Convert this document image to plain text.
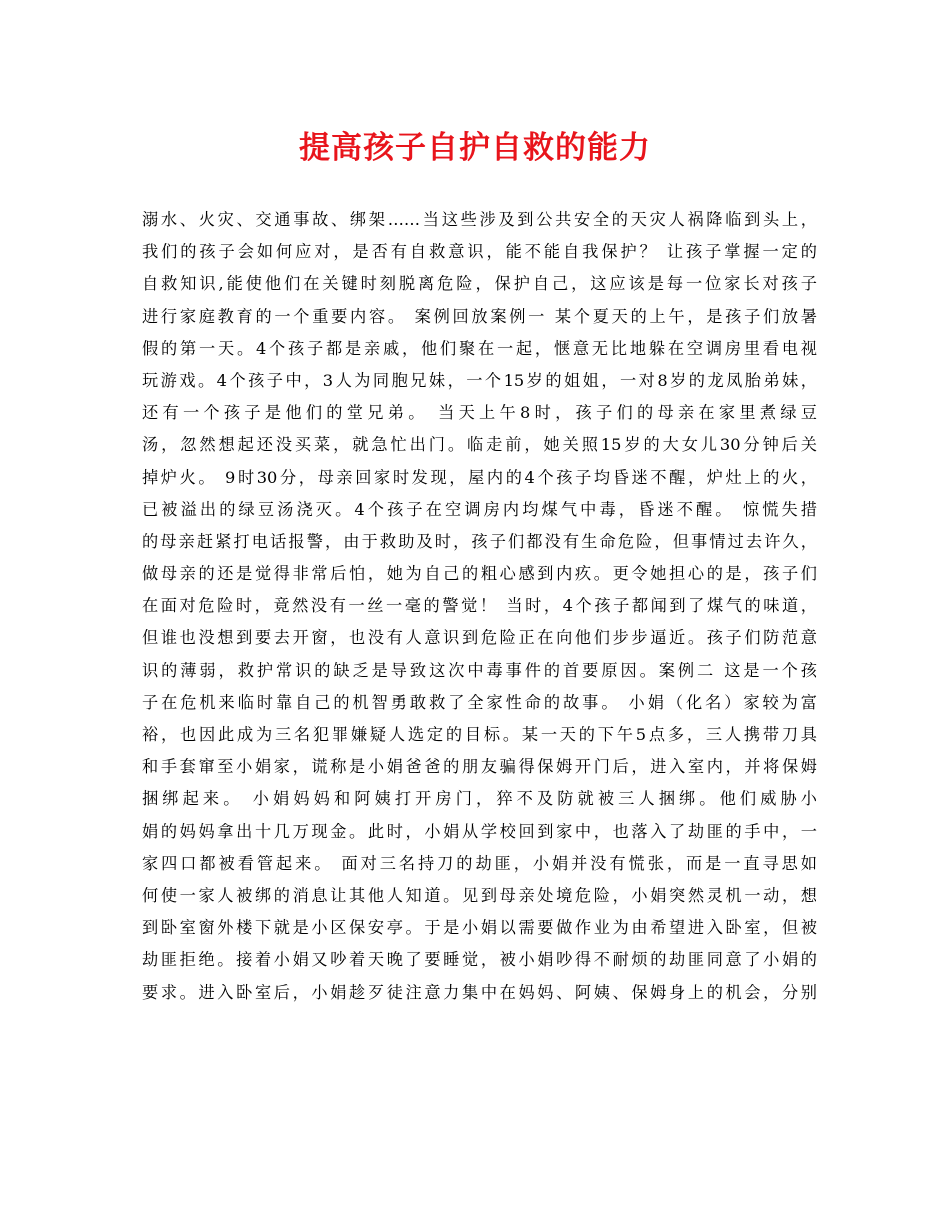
提高孩子自护自救的能力
溺水、火灾、交通事故、绑架……当这些涉及到公共安全的天灾人祸降临到头上，
我们的孩子会如何应对，是否有自救意识，能不能自我保护？ 让孩子掌握一定的
自救知识,能使他们在关键时刻脱离危险，保护自己，这应该是每一位家长对孩子
进行家庭教育的一个重要内容。 案例回放案例一 某个夏天的上午，是孩子们放暑
假的第一天。4个孩子都是亲戚，他们聚在一起，惬意无比地躲在空调房里看电视
玩游戏。4个孩子中，3人为同胞兄妹，一个15岁的姐姐，一对8岁的龙凤胎弟妹，
还有一个孩子是他们的堂兄弟。 当天上午8时，孩子们的母亲在家里煮绿豆
汤，忽然想起还没买菜，就急忙出门。临走前，她关照15岁的大女儿30分钟后关
掉炉火。 9时30分，母亲回家时发现，屋内的4个孩子均昏迷不醒，炉灶上的火，
已被溢出的绿豆汤浇灭。4个孩子在空调房内均煤气中毒，昏迷不醒。 惊慌失措
的母亲赶紧打电话报警，由于救助及时，孩子们都没有生命危险，但事情过去许久，
做母亲的还是觉得非常后怕，她为自己的粗心感到内疚。更令她担心的是，孩子们
在面对危险时，竟然没有一丝一毫的警觉！ 当时，4个孩子都闻到了煤气的味道，
但谁也没想到要去开窗，也没有人意识到危险正在向他们步步逼近。孩子们防范意
识的薄弱，救护常识的缺乏是导致这次中毒事件的首要原因。案例二 这是一个孩
子在危机来临时靠自己的机智勇敢救了全家性命的故事。 小娟（化名）家较为富
裕，也因此成为三名犯罪嫌疑人选定的目标。某一天的下午5点多，三人携带刀具
和手套窜至小娟家，谎称是小娟爸爸的朋友骗得保姆开门后，进入室内，并将保姆
捆绑起来。 小娟妈妈和阿姨打开房门，猝不及防就被三人捆绑。他们威胁小
娟的妈妈拿出十几万现金。此时，小娟从学校回到家中，也落入了劫匪的手中，一
家四口都被看管起来。 面对三名持刀的劫匪，小娟并没有慌张，而是一直寻思如
何使一家人被绑的消息让其他人知道。见到母亲处境危险，小娟突然灵机一动，想
到卧室窗外楼下就是小区保安亭。于是小娟以需要做作业为由希望进入卧室，但被
劫匪拒绝。接着小娟又吵着天晚了要睡觉，被小娟吵得不耐烦的劫匪同意了小娟的
要求。进入卧室后，小娟趁歹徒注意力集中在妈妈、阿姨、保姆身上的机会，分别
